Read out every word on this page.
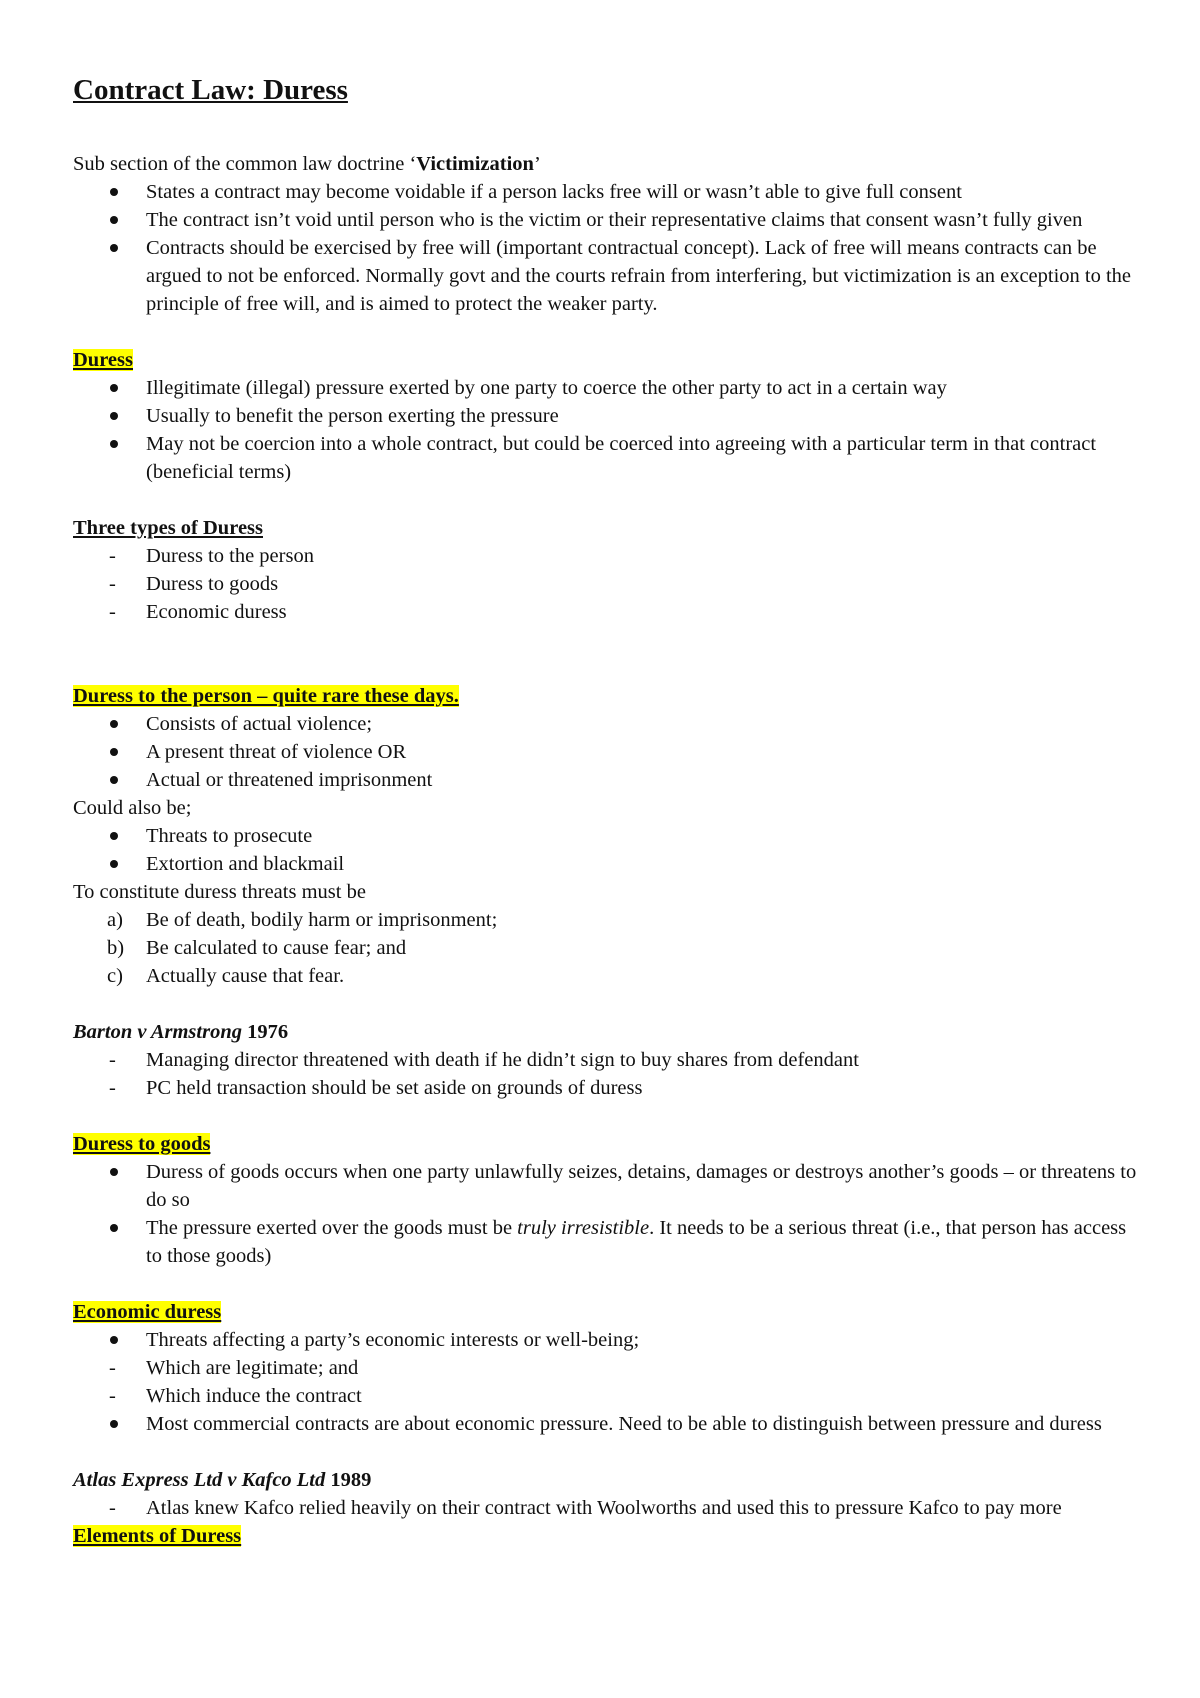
Contract Law: Duress

Sub section of the common law doctrine ‘Victimization’

States a contract may become voidable if a person lacks free will or wasn’t able to give full consent
The contract isn’t void until person who is the victim or their representative claims that consent wasn’t fully given
Contracts should be exercised by free will (important contractual concept). Lack of free will means contracts can be argued to not be enforced. Normally govt and the courts refrain from interfering, but victimization is an exception to the principle of free will, and is aimed to protect the weaker party.

Duress

Illegitimate (illegal) pressure exerted by one party to coerce the other party to act in a certain way
Usually to benefit the person exerting the pressure
May not be coercion into a whole contract, but could be coerced into agreeing with a particular term in that contract (beneficial terms)

Three types of Duress

-	Duress to the person
-	Duress to goods
-	Economic duress

Duress to the person – quite rare these days.

Consists of actual violence;
A present threat of violence OR
Actual or threatened imprisonment

Could also be;

Threats to prosecute
Extortion and blackmail

To constitute duress threats must be

a)	Be of death, bodily harm or imprisonment;
b)	Be calculated to cause fear; and
c)	Actually cause that fear.

Barton v Armstrong 1976

-	Managing director threatened with death if he didn’t sign to buy shares from defendant
-	PC held transaction should be set aside on grounds of duress

Duress to goods

Duress of goods occurs when one party unlawfully seizes, detains, damages or destroys another’s goods – or threatens to do so
The pressure exerted over the goods must be truly irresistible. It needs to be a serious threat (i.e., that person has access to those goods)

Economic duress

Threats affecting a party’s economic interests or well-being;
-	Which are legitimate; and
-	Which induce the contract
Most commercial contracts are about economic pressure. Need to be able to distinguish between pressure and duress

Atlas Express Ltd v Kafco Ltd 1989

-	Atlas knew Kafco relied heavily on their contract with Woolworths and used this to pressure Kafco to pay more

Elements of Duress
